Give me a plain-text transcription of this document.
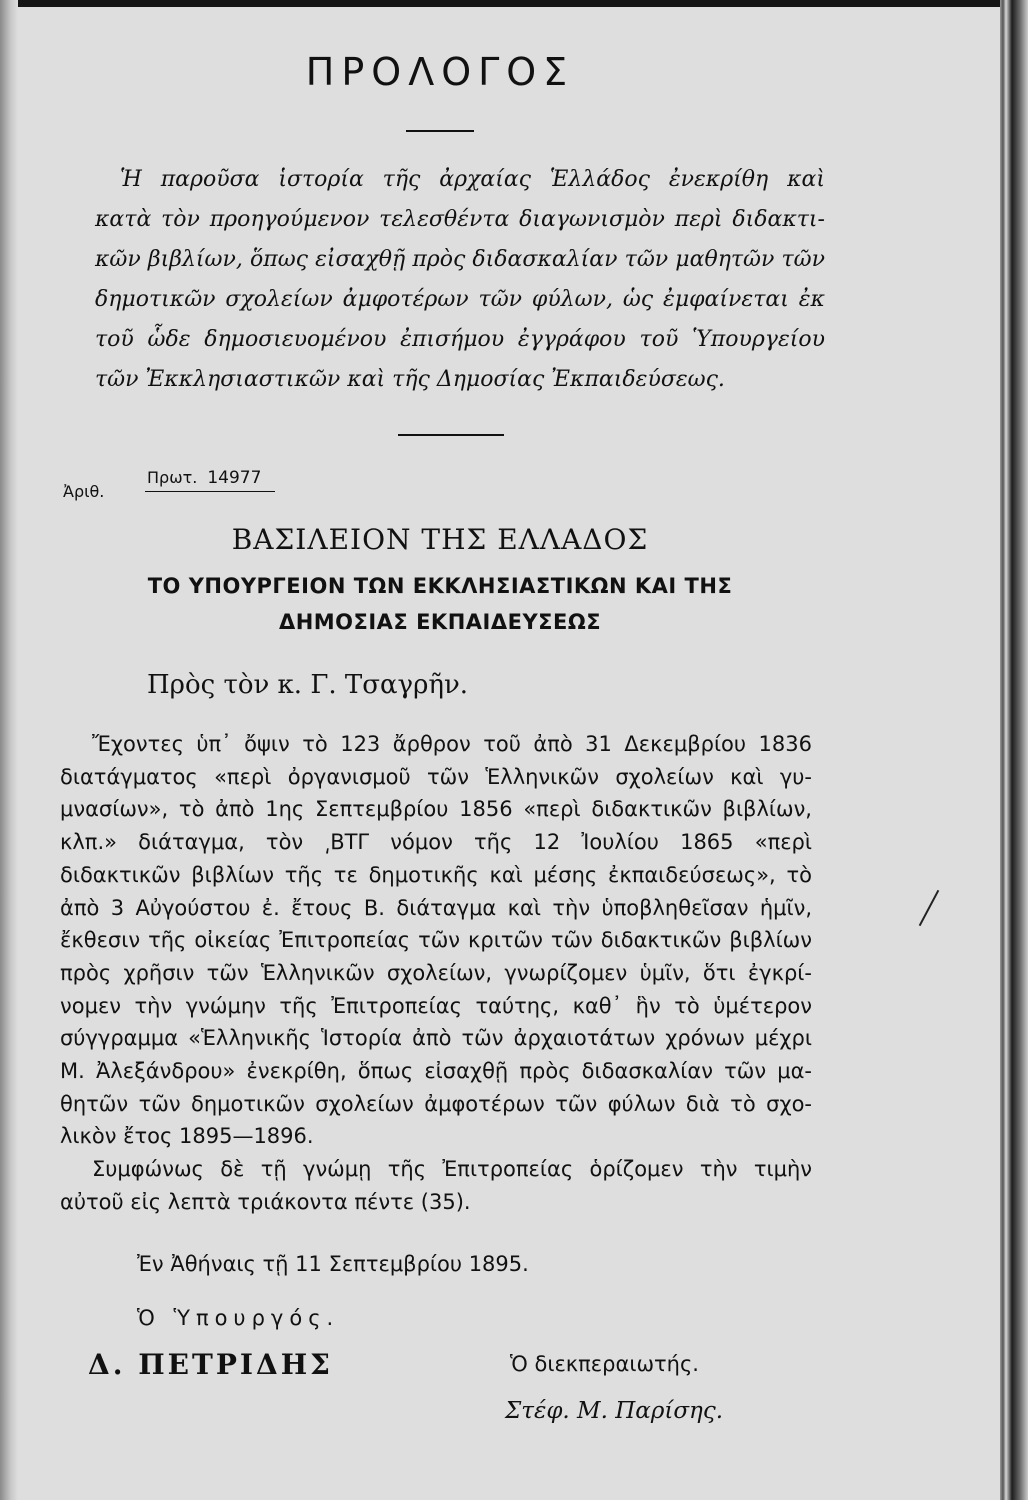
ΠΡΟΛΟΓΟΣ
Ἡ παροῦσα ἱστορία τῆς ἀρχαίας Ἑλλάδος ἐνεκρίθη καὶ
κατὰ τὸν προηγούμενον τελεσθέντα διαγωνισμὸν περὶ διδακτι-
κῶν βιβλίων, ὅπως εἰσαχθῇ πρὸς διδασκαλίαν τῶν μαθητῶν τῶν
δημοτικῶν σχολείων ἀμφοτέρων τῶν φύλων, ὡς ἐμφαίνεται ἐκ
τοῦ ὧδε δημοσιευομένου ἐπισήμου ἐγγράφου τοῦ Ὑπουργείου
τῶν Ἐκκλησιαστικῶν καὶ τῆς Δημοσίας Ἐκπαιδεύσεως.
Ἀριθ.
Πρωτ. 14977
ΒΑΣΙΛΕΙΟΝ ΤΗΣ ΕΛΛΑΔΟΣ
ΤΟ ΥΠΟΥΡΓΕΙΟΝ ΤΩΝ ΕΚΚΛΗΣΙΑΣΤΙΚΩΝ ΚΑΙ ΤΗΣ
ΔΗΜΟΣΙΑΣ ΕΚΠΑΙΔΕΥΣΕΩΣ
Πρὸς τὸν κ. Γ. Τσαγρῆν.
Ἔχοντες ὑπ᾽ ὄψιν τὸ 123 ἄρθρον τοῦ ἀπὸ 31 Δεκεμβρίου 1836
διατάγματος «περὶ ὀργανισμοῦ τῶν Ἑλληνικῶν σχολείων καὶ γυ-
μνασίων», τὸ ἀπὸ 1ης Σεπτεμβρίου 1856 «περὶ διδακτικῶν βιβλίων,
κλπ.» διάταγμα, τὸν ͵ΒΤΓ νόμον τῆς 12 Ἰουλίου 1865 «περὶ
διδακτικῶν βιβλίων τῆς τε δημοτικῆς καὶ μέσης ἐκπαιδεύσεως», τὸ
ἀπὸ 3 Αὐγούστου ἐ. ἔτους Β. διάταγμα καὶ τὴν ὑποβληθεῖσαν ἡμῖν,
ἔκθεσιν τῆς οἰκείας Ἐπιτροπείας τῶν κριτῶν τῶν διδακτικῶν βιβλίων
πρὸς χρῆσιν τῶν Ἑλληνικῶν σχολείων, γνωρίζομεν ὑμῖν, ὅτι ἐγκρί-
νομεν τὴν γνώμην τῆς Ἐπιτροπείας ταύτης, καθ᾽ ἣν τὸ ὑμέτερον
σύγγραμμα «Ἑλληνικῆς Ἱστορία ἀπὸ τῶν ἀρχαιοτάτων χρόνων μέχρι
Μ. Ἀλεξάνδρου» ἐνεκρίθη, ὅπως εἰσαχθῇ πρὸς διδασκαλίαν τῶν μα-
θητῶν τῶν δημοτικῶν σχολείων ἀμφοτέρων τῶν φύλων διὰ τὸ σχο-
λικὸν ἔτος 1895—1896.
Συμφώνως δὲ τῇ γνώμῃ τῆς Ἐπιτροπείας ὁρίζομεν τὴν τιμὴν
αὐτοῦ εἰς λεπτὰ τριάκοντα πέντε (35).
Ἐν Ἀθήναις τῇ 11 Σεπτεμβρίου 1895.
Ὁ Ὑπουργός.
Δ. ΠΕΤΡΙΔΗΣ	Ὁ διεκπεραιωτής.
Στέφ. Μ. Παρίσης.
